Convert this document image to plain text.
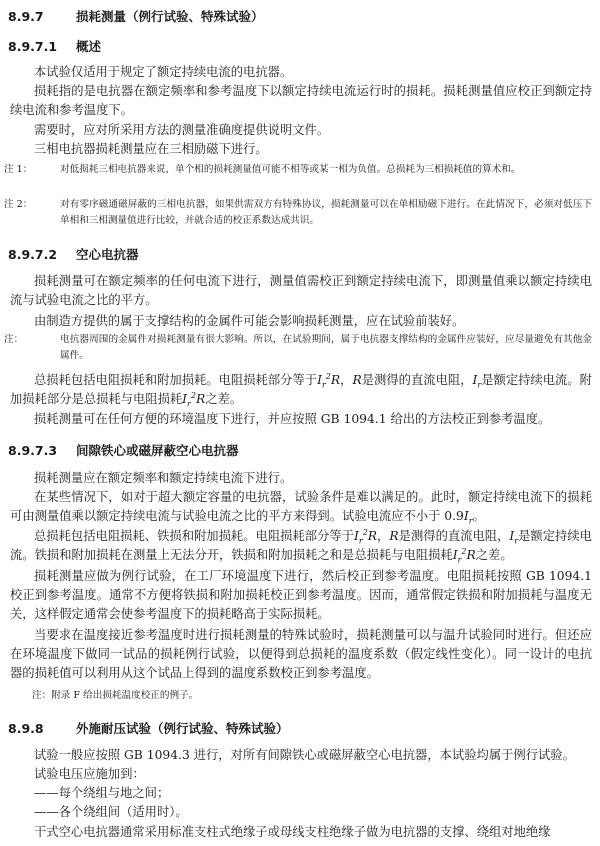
8.9.7	损耗测量（例行试验、特殊试验）
8.9.7.1 概述

本试验仅适用于规定了额定持续电流的电抗器。

损耗指的是电抗器在额定频率和参考温度下以额定持续电流运行时的损耗。损耗测量值应校正到额定持续电流和参考温度下。

需要时，应对所采用方法的测量准确度提供说明文件。

三相电抗器损耗测量应在三相励磁下进行。

注 1：	对低损耗三相电抗器来说，单个相的损耗测量值可能不相等或某一相为负值。总损耗为三相损耗值的算术和。

注 2：	对有零序磁通磁屏蔽的三相电抗器，如果供需双方有特殊协议，损耗测量可以在单相励磁下进行。在此情况下，必须对低压下单相和三相测量值进行比较，并就合适的校正系数达成共识。

8.9.7.2 空心电抗器

损耗测量可在额定频率的任何电流下进行，测量值需校正到额定持续电流下，即测量值乘以额定持续电流与试验电流之比的平方。

由制造方提供的属于支撑结构的金属件可能会影响损耗测量，应在试验前装好。

注：	电抗器周围的金属件对损耗测量有很大影响。所以，在试验期间，属于电抗器支撑结构的金属件应装好，应尽量避免有其他金属件。

总损耗包括电阻损耗和附加损耗。电阻损耗部分等于$I_r^2R$，R是测得的直流电阻，$I_r$是额定持续电流。附加损耗部分是总损耗与电阻损耗$I_r^2R$之差。

损耗测量可在任何方便的环境温度下进行，并应按照 GB 1094.1 给出的方法校正到参考温度。

8.9.7.3 间隙铁心或磁屏蔽空心电抗器

损耗测量应在额定频率和额定持续电流下进行。

在某些情况下，如对于超大额定容量的电抗器，试验条件是难以满足的。此时，额定持续电流下的损耗可由测量值乘以额定持续电流与试验电流之比的平方来得到。试验电流应不小于 $0.9I_r$。

总损耗包括电阻损耗、铁损和附加损耗。电阻损耗部分等于$I_r^2R$，R是测得的直流电阻，$I_r$是额定持续电流。铁损和附加损耗在测量上无法分开，铁损和附加损耗之和是总损耗与电阻损耗$I_r^2R$之差。

损耗测量应做为例行试验，在工厂环境温度下进行，然后校正到参考温度。电阻损耗按照 GB 1094.1 校正到参考温度。通常不方便将铁损和附加损耗校正到参考温度。因而，通常假定铁损和附加损耗与温度无关，这样假定通常会使参考温度下的损耗略高于实际损耗。

当要求在温度接近参考温度时进行损耗测量的特殊试验时，损耗测量可以与温升试验同时进行。但还应在环境温度下做同一试品的损耗例行试验，以便得到总损耗的温度系数（假定线性变化）。同一设计的电抗器的损耗值可以利用从这个试品上得到的温度系数校正到参考温度。

注：附录 F 给出损耗温度校正的例子。

8.9.8	外施耐压试验（例行试验、特殊试验）

试验一般应按照 GB 1094.3 进行，对所有间隙铁心或磁屏蔽空心电抗器，本试验均属于例行试验。

试验电压应施加到：

——每个绕组与地之间；
——各个绕组间（适用时）。

干式空心电抗器通常采用标准支柱式绝缘子或母线支柱绝缘子做为电抗器的支撑、绕组对地绝缘
